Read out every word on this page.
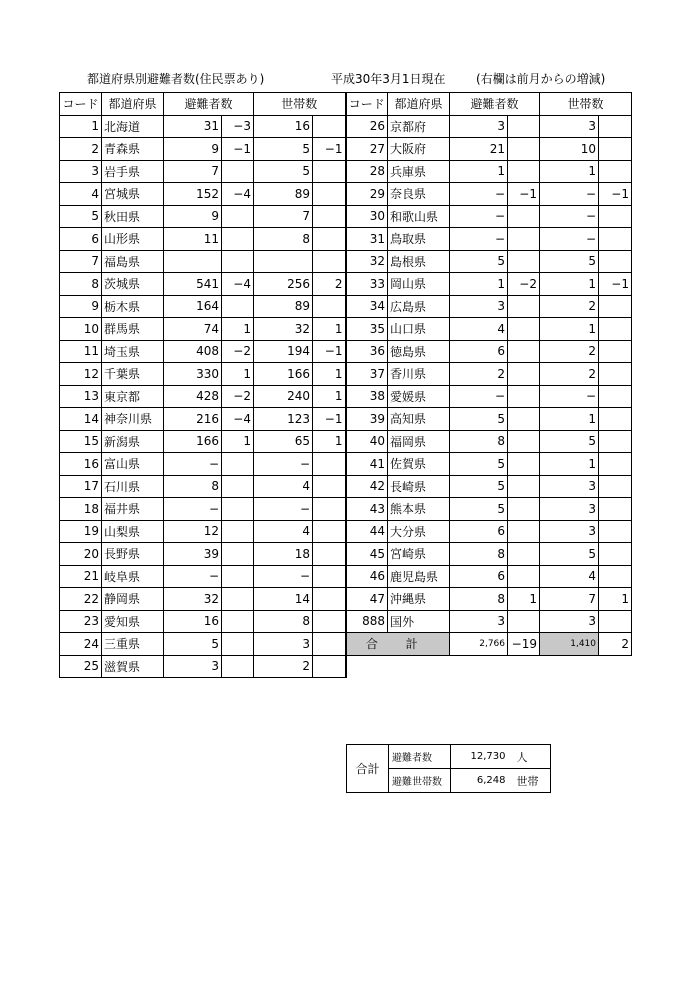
都道府県別避難者数(住民票あり)	平成30年3月1日現在	(右欄は前月からの増減)
コード	都道府県	避難者数		世帯数		コード	都道府県	避難者数		世帯数	
1	北海道	31	−3	16		26	京都府	3		3	
2	青森県	9	−1	5	−1	27	大阪府	21		10	
3	岩手県	7		5		28	兵庫県	1		1	
4	宮城県	152	−4	89		29	奈良県	−	−1	−	−1
5	秋田県	9		7		30	和歌山県	−		−	
6	山形県	11		8		31	鳥取県	−		−	
7	福島県					32	島根県	5		5	
8	茨城県	541	−4	256	2	33	岡山県	1	−2	1	−1
9	栃木県	164		89		34	広島県	3		2	
10	群馬県	74	1	32	1	35	山口県	4		1	
11	埼玉県	408	−2	194	−1	36	徳島県	6		2	
12	千葉県	330	1	166	1	37	香川県	2		2	
13	東京都	428	−2	240	1	38	愛媛県	−		−	
14	神奈川県	216	−4	123	−1	39	高知県	5		1	
15	新潟県	166	1	65	1	40	福岡県	8		5	
16	富山県	−		−		41	佐賀県	5		1	
17	石川県	8		4		42	長崎県	5		3	
18	福井県	−		−		43	熊本県	5		3	
19	山梨県	12		4		44	大分県	6		3	
20	長野県	39		18		45	宮崎県	8		5	
21	岐阜県	−		−		46	鹿児島県	6		4	
22	静岡県	32		14		47	沖縄県	8	1	7	1
23	愛知県	16		8		888	国外	3		3	
24	三重県	5		3		合 計		2,766	−19	1,410	2
25	滋賀県	3		2							
合計	避難者数	12,730	人
	避難世帯数	6,248	世帯
